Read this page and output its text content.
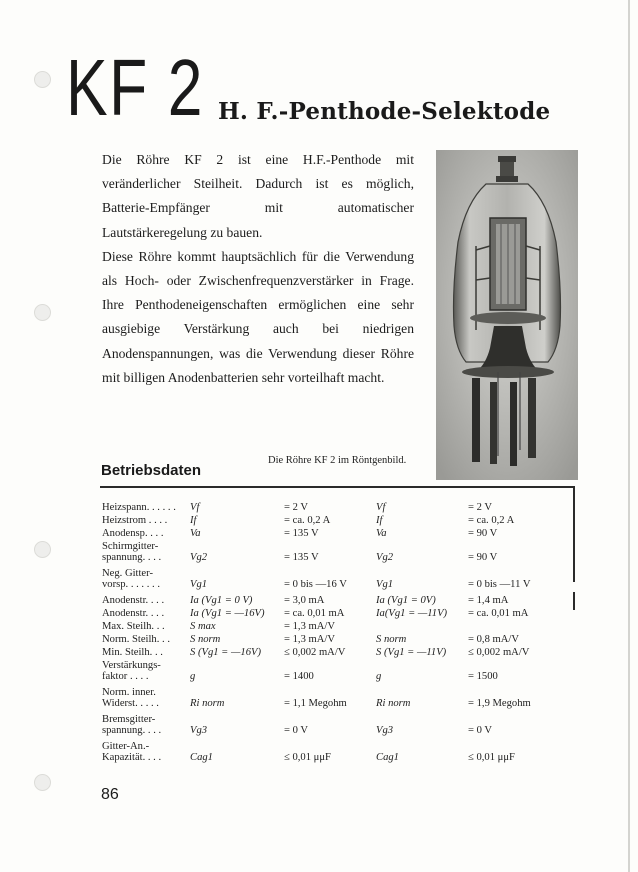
KF 2 H. F.-Penthode-Selektode

Die Röhre KF 2 ist eine H.F.-Penthode mit veränderlicher Steilheit. Dadurch ist es möglich, Batterie-Empfänger mit automatischer Lautstärkeregelung zu bauen.

Diese Röhre kommt hauptsächlich für die Verwendung als Hoch- oder Zwischenfrequenzverstärker in Frage. Ihre Penthodeneigenschaften ermöglichen eine sehr ausgiebige Verstärkung auch bei niedrigen Anodenspannungen, was die Verwendung dieser Röhre mit billigen Anodenbatterien sehr vorteilhaft macht.

Die Röhre KF 2 im Röntgenbild.
Betriebsdaten
Heizspann. . . . . . Vf	= 2 V	Vf	= 2 V
Heizstrom . . . . If	= ca. 0,2 A	If	= ca. 0,2 A
Anodensp. . . .	Va	= 135 V	Va	= 90 V
Schirmgitter-
spannung. . . .	Vg2	= 135 V	Vg2	= 90 V
Neg. Gitter-
vorsp. . . . . . .	Vg1	= 0 bis —16 V	Vg1	= 0 bis —11 V
Anodenstr. . . . Ia (Vg1 = 0 V)	= 3,0 mA	Ia (Vg1 = 0V)	= 1,4 mA
Anodenstr. . . . Ia (Vg1 = —16V) = ca. 0,01 mA	Ia(Vg1 = —11V) = ca. 0,01 mA
Max. Steilh. . . S max	= 1,3 mA/V
Norm. Steilh. . . S norm	= 1,3 mA/V	S norm	= 0,8 mA/V
Min. Steilh. . .	S (Vg1 = —16V) ≤ 0,002 mA/V	S (Vg1 = —11V) ≤ 0,002 mA/V
Verstärkungs-
faktor . . . .	g	= 1400	g	= 1500
Norm. inner.
Widerst. . . . .	Ri norm	= 1,1 Megohm	Ri norm	= 1,9 Megohm
Bremsgitter-
spannung. . . .	Vg3	= 0 V	Vg3	= 0 V
Gitter-An.-
Kapazität. . . .	Cag1	≤ 0,01 μμF	Cag1	≤ 0,01 μμF
86
